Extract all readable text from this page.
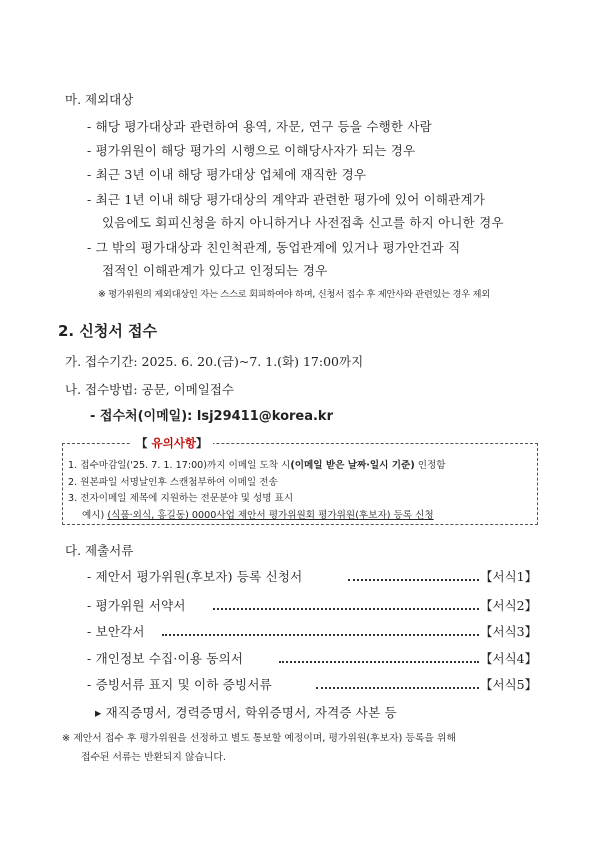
마. 제외대상
- 해당 평가대상과 관련하여 용역, 자문, 연구 등을 수행한 사람
- 평가위원이 해당 평가의 시행으로 이해당사자가 되는 경우
- 최근 3년 이내 해당 평가대상 업체에 재직한 경우
- 최근 1년 이내 해당 평가대상의 계약과 관련한 평가에 있어 이해관계가
있음에도 회피신청을 하지 아니하거나 사전접촉 신고를 하지 아니한 경우
- 그 밖의 평가대상과 친인척관계, 동업관계에 있거나 평가안건과 직
접적인 이해관계가 있다고 인정되는 경우
※ 평가위원의 제외대상인 자는 스스로 회피하여야 하며, 신청서 접수 후 제안사와 관련있는 경우 제외
2. 신청서 접수
가. 접수기간: 2025. 6. 20.(금)~7. 1.(화) 17:00까지
나. 접수방법: 공문, 이메일접수
- 접수처(이메일): lsj29411@korea.kr
【 유의사항】
1. 접수마감일('25. 7. 1. 17:00)까지 이메일 도착 시(이메일 받은 날짜·일시 기준) 인정함
2. 원본파일 서명날인후 스캔첨부하여 이메일 전송
3. 전자이메일 제목에 지원하는 전문분야 및 성명 표시
예시) (식품·외식, 홍길동) 0000사업 제안서 평가위원회 평가위원(후보자) 등록 신청
다. 제출서류
- 제안서 평가위원(후보자) 등록 신청서	【서식1】
- 평가위원 서약서	【서식2】
- 보안각서	【서식3】
- 개인정보 수집·이용 동의서	【서식4】
- 증빙서류 표지 및 이하 증빙서류	【서식5】
▸ 재직증명서, 경력증명서, 학위증명서, 자격증 사본 등
※ 제안서 접수 후 평가위원을 선정하고 별도 통보할 예정이며, 평가위원(후보자) 등록을 위해
접수된 서류는 반환되지 않습니다.
